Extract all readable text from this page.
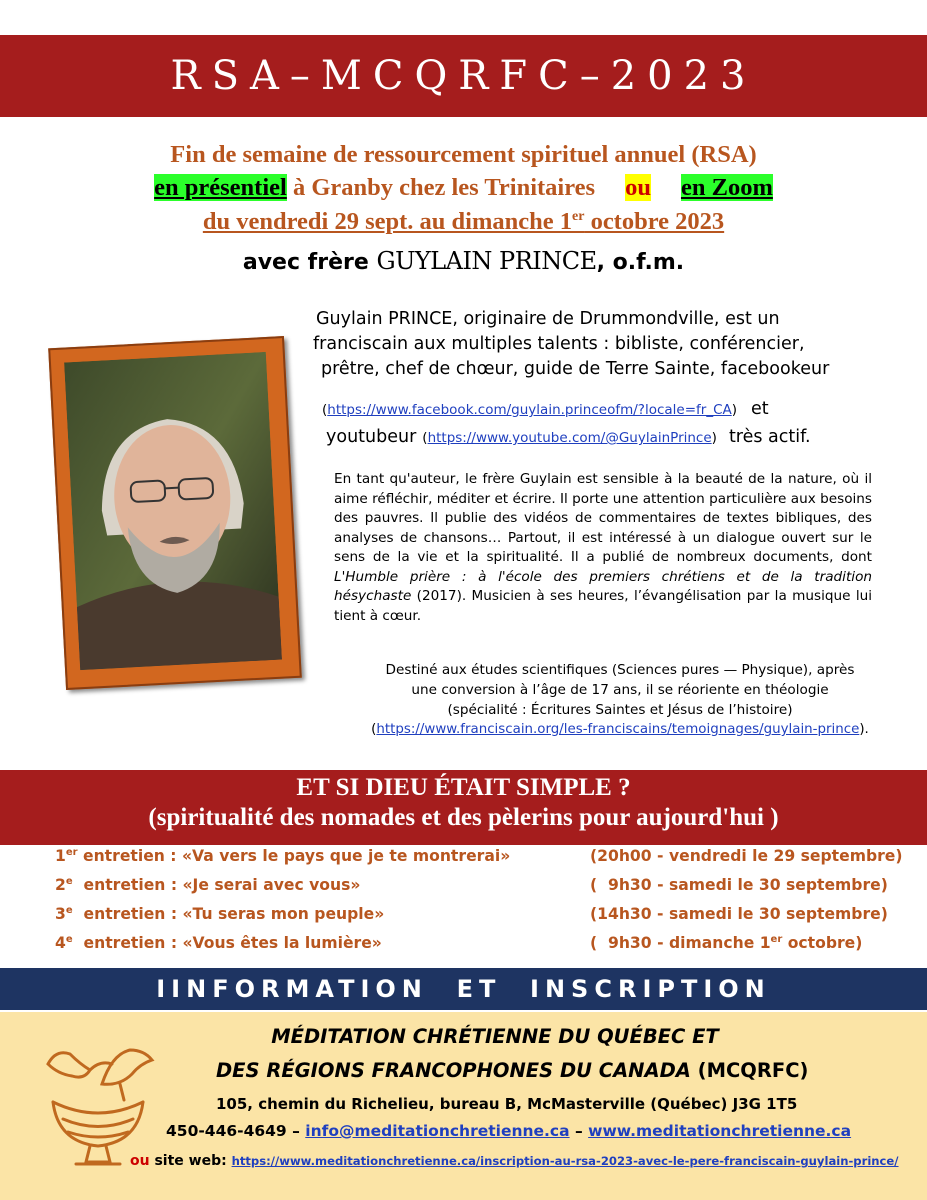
RSA–MCQRFC–2023
Fin de semaine de ressourcement spirituel annuel (RSA)
en présentiel à Granby chez les Trinitaires ou en Zoom
du vendredi 29 sept. au dimanche 1er octobre 2023
avec frère GUYLAIN PRINCE, o.f.m.
Guylain PRINCE, originaire de Drummondville, est un
franciscain aux multiples talents : bibliste, conférencier,
prêtre, chef de chœur, guide de Terre Sainte, facebookeur
(https://www.facebook.com/guylain.princeofm/?locale=fr_CA) et
youtubeur (https://www.youtube.com/@GuylainPrince) très actif.
En tant qu'auteur, le frère Guylain est sensible à la beauté de la nature, où il aime réfléchir, méditer et écrire. Il porte une attention particulière aux besoins des pauvres. Il publie des vidéos de commentaires de textes bibliques, des analyses de chansons… Partout, il est intéressé à un dialogue ouvert sur le sens de la vie et la spiritualité. Il a publié de nombreux documents, dont L'Humble prière : à l'école des premiers chrétiens et de la tradition hésychaste (2017). Musicien à ses heures, l’évangélisation par la musique lui tient à cœur.
Destiné aux études scientifiques (Sciences pures — Physique), après
une conversion à l’âge de 17 ans, il se réoriente en théologie
(spécialité : Écritures Saintes et Jésus de l’histoire)
(https://www.franciscain.org/les-franciscains/temoignages/guylain-prince).
ET SI DIEU ÉTAIT SIMPLE ?
(spiritualité des nomades et des pèlerins pour aujourd'hui )
1er entretien : «Va vers le pays que je te montrerai»	(20h00 - vendredi le 29 septembre)
2e  entretien : «Je serai avec vous»	(  9h30 - samedi le 30 septembre)
3e  entretien : «Tu seras mon peuple»	(14h30 - samedi le 30 septembre)
4e  entretien : «Vous êtes la lumière»	(  9h30 - dimanche 1er octobre)
IINFORMATION  ET  INSCRIPTION
MÉDITATION CHRÉTIENNE DU QUÉBEC ET
DES RÉGIONS FRANCOPHONES DU CANADA (MCQRFC)
105, chemin du Richelieu, bureau B, McMasterville (Québec) J3G 1T5
450-446-4649 – info@meditationchretienne.ca – www.meditationchretienne.ca
ou site web: https://www.meditationchretienne.ca/inscription-au-rsa-2023-avec-le-pere-franciscain-guylain-prince/
